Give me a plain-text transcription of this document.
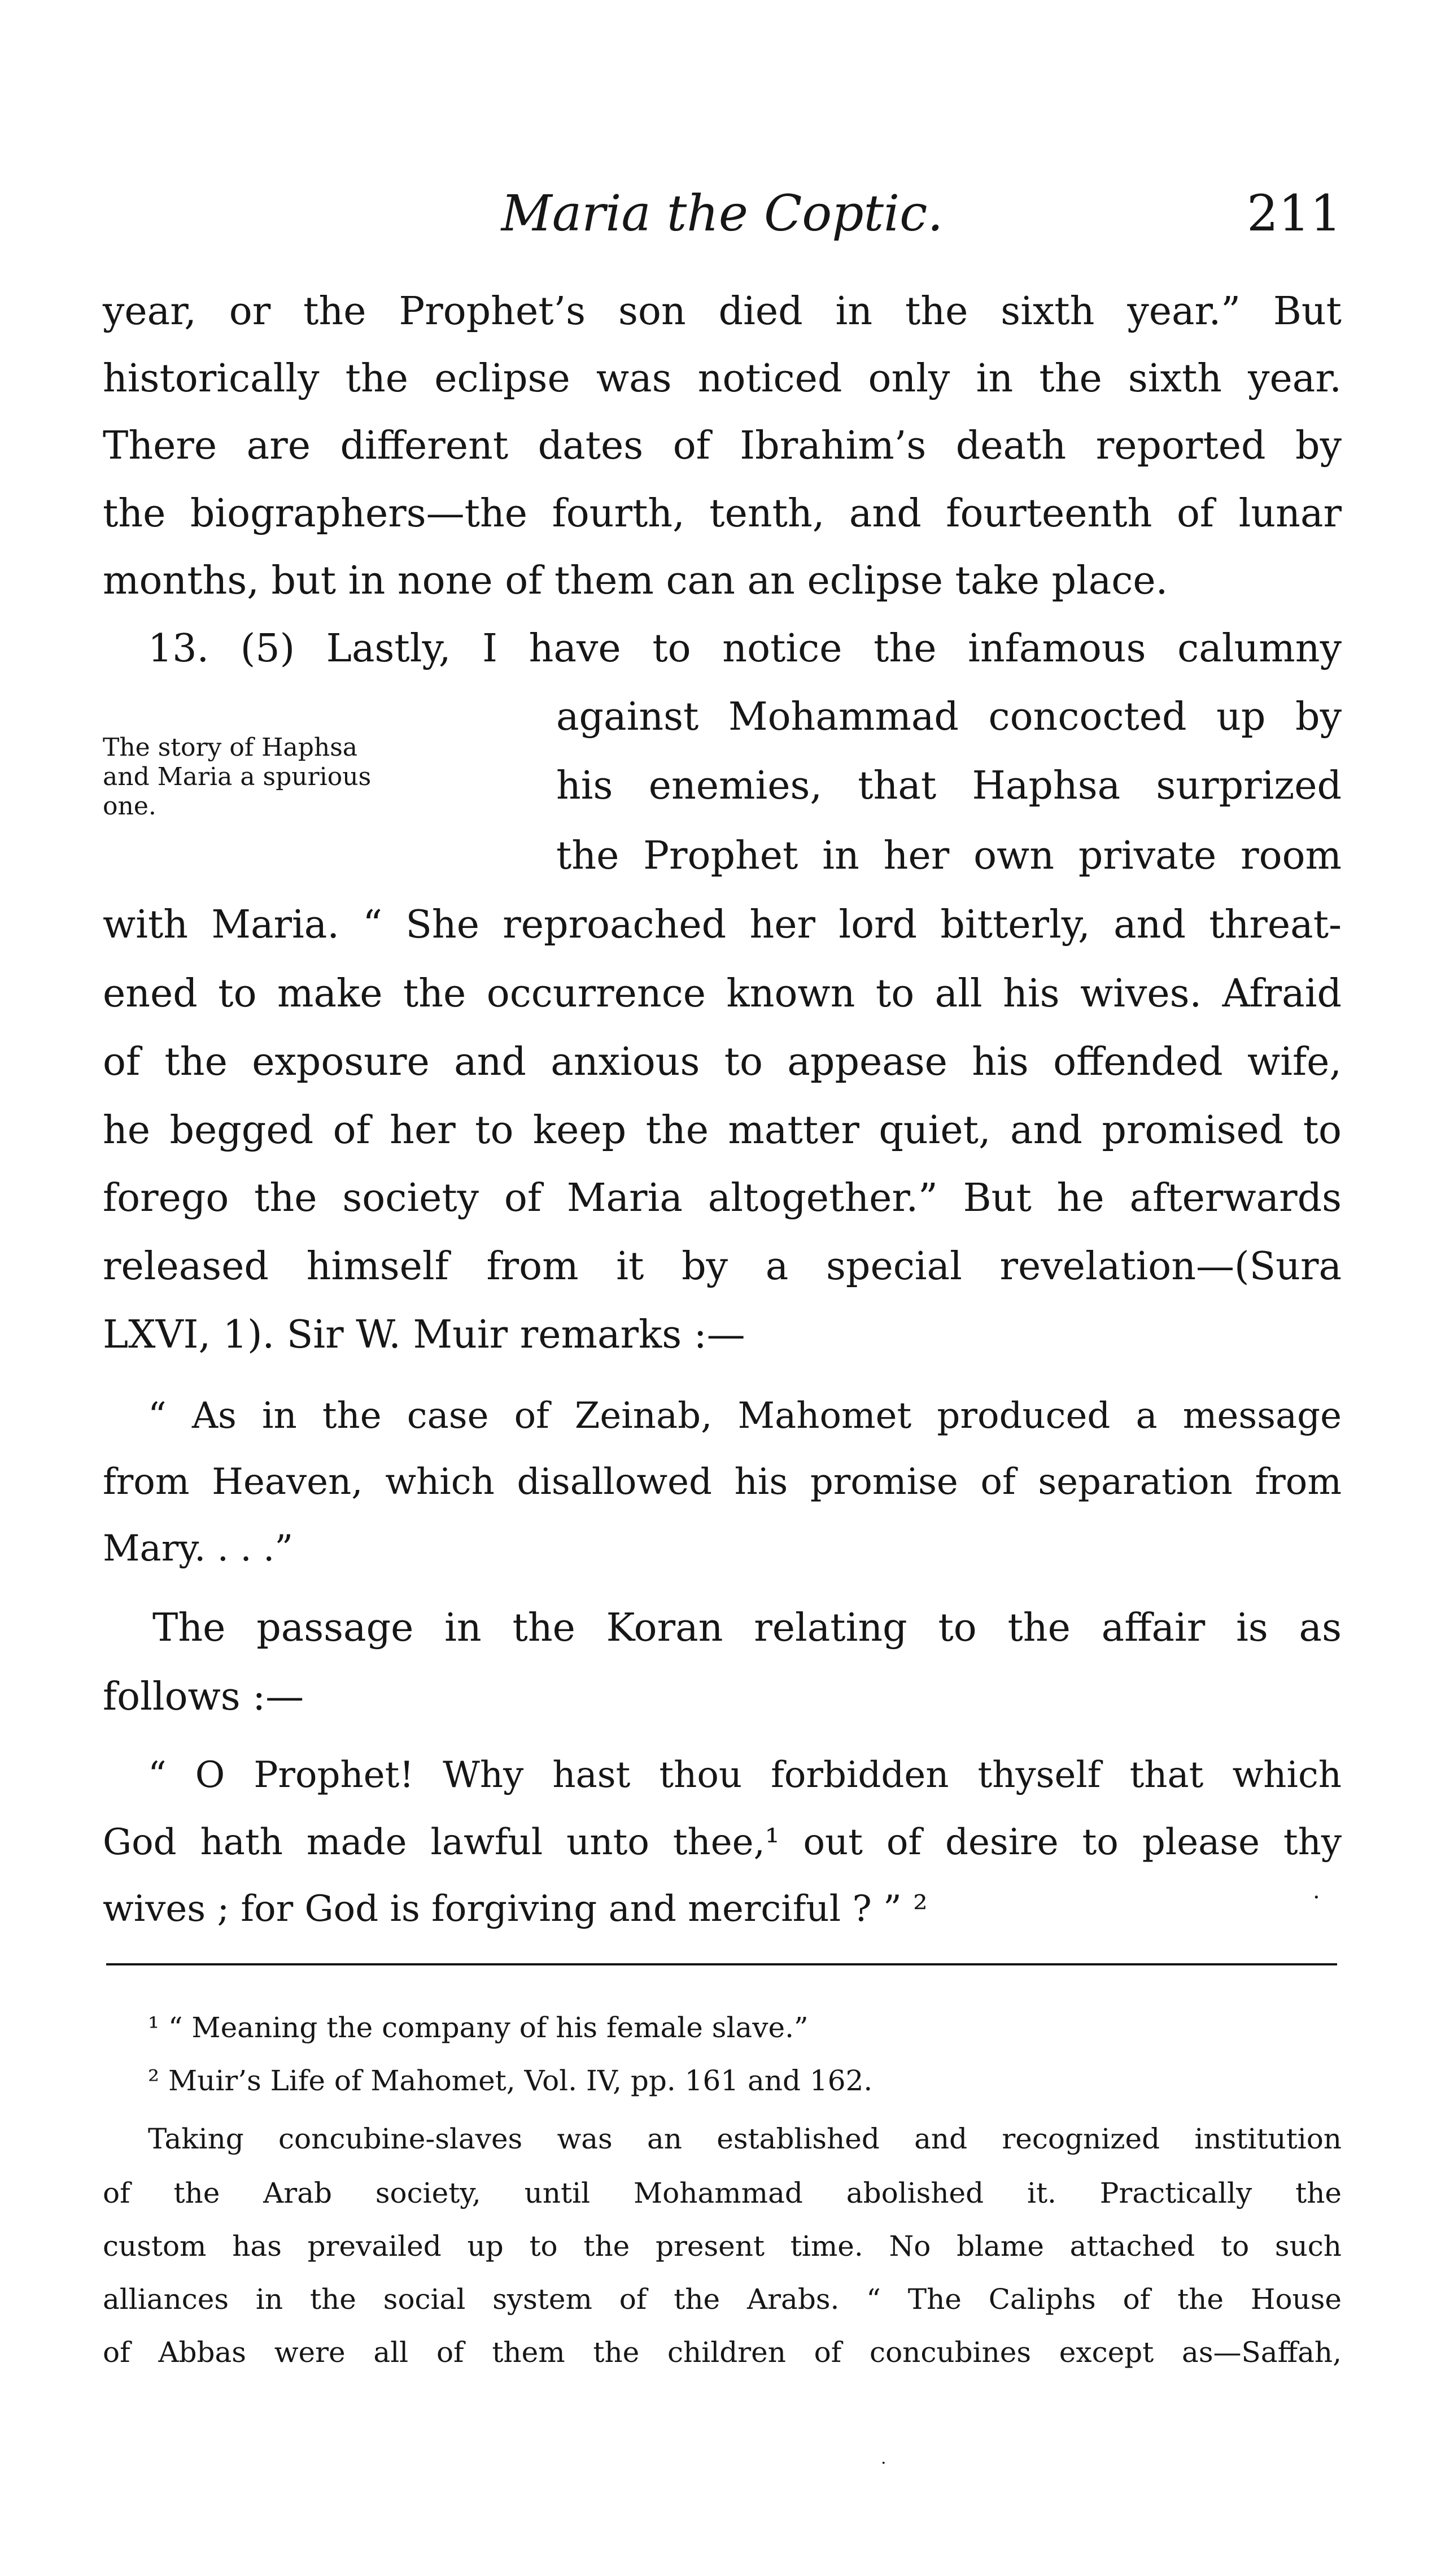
Maria the Coptic.	211

year, or the Prophet’s son died in the sixth year.” But

historically the eclipse was noticed only in the sixth year.

There are different dates of Ibrahim’s death reported by

the biographers—the fourth, tenth, and fourteenth of lunar

months, but in none of them can an eclipse take place.

13. (5) Lastly, I have to notice the infamous calumny

The story of Haphsa

and Maria a spurious

one.

against Mohammad concocted up by

his enemies, that Haphsa surprized

the Prophet in her own private room

with Maria. “ She reproached her lord bitterly, and threat-

ened to make the occurrence known to all his wives. Afraid

of the exposure and anxious to appease his offended wife,

he begged of her to keep the matter quiet, and promised to

forego the society of Maria altogether.” But he afterwards

released himself from it by a special revelation—(Sura

LXVI, 1). Sir W. Muir remarks :—

“ As in the case of Zeinab, Mahomet produced a message

from Heaven, which disallowed his promise of separation from

Mary. . . .”

The passage in the Koran relating to the affair is as

follows :—

“ O Prophet! Why hast thou forbidden thyself that which

God hath made lawful unto thee,¹ out of desire to please thy

wives ; for God is forgiving and merciful ? ” ²	·

¹ “ Meaning the company of his female slave.”

² Muir’s Life of Mahomet, Vol. IV, pp. 161 and 162.

Taking concubine-slaves was an established and recognized institution

of the Arab society, until Mohammad abolished it. Practically the

custom has prevailed up to the present time. No blame attached to such

alliances in the social system of the Arabs. “ The Caliphs of the House

of Abbas were all of them the children of concubines except as—Saffah,

·
